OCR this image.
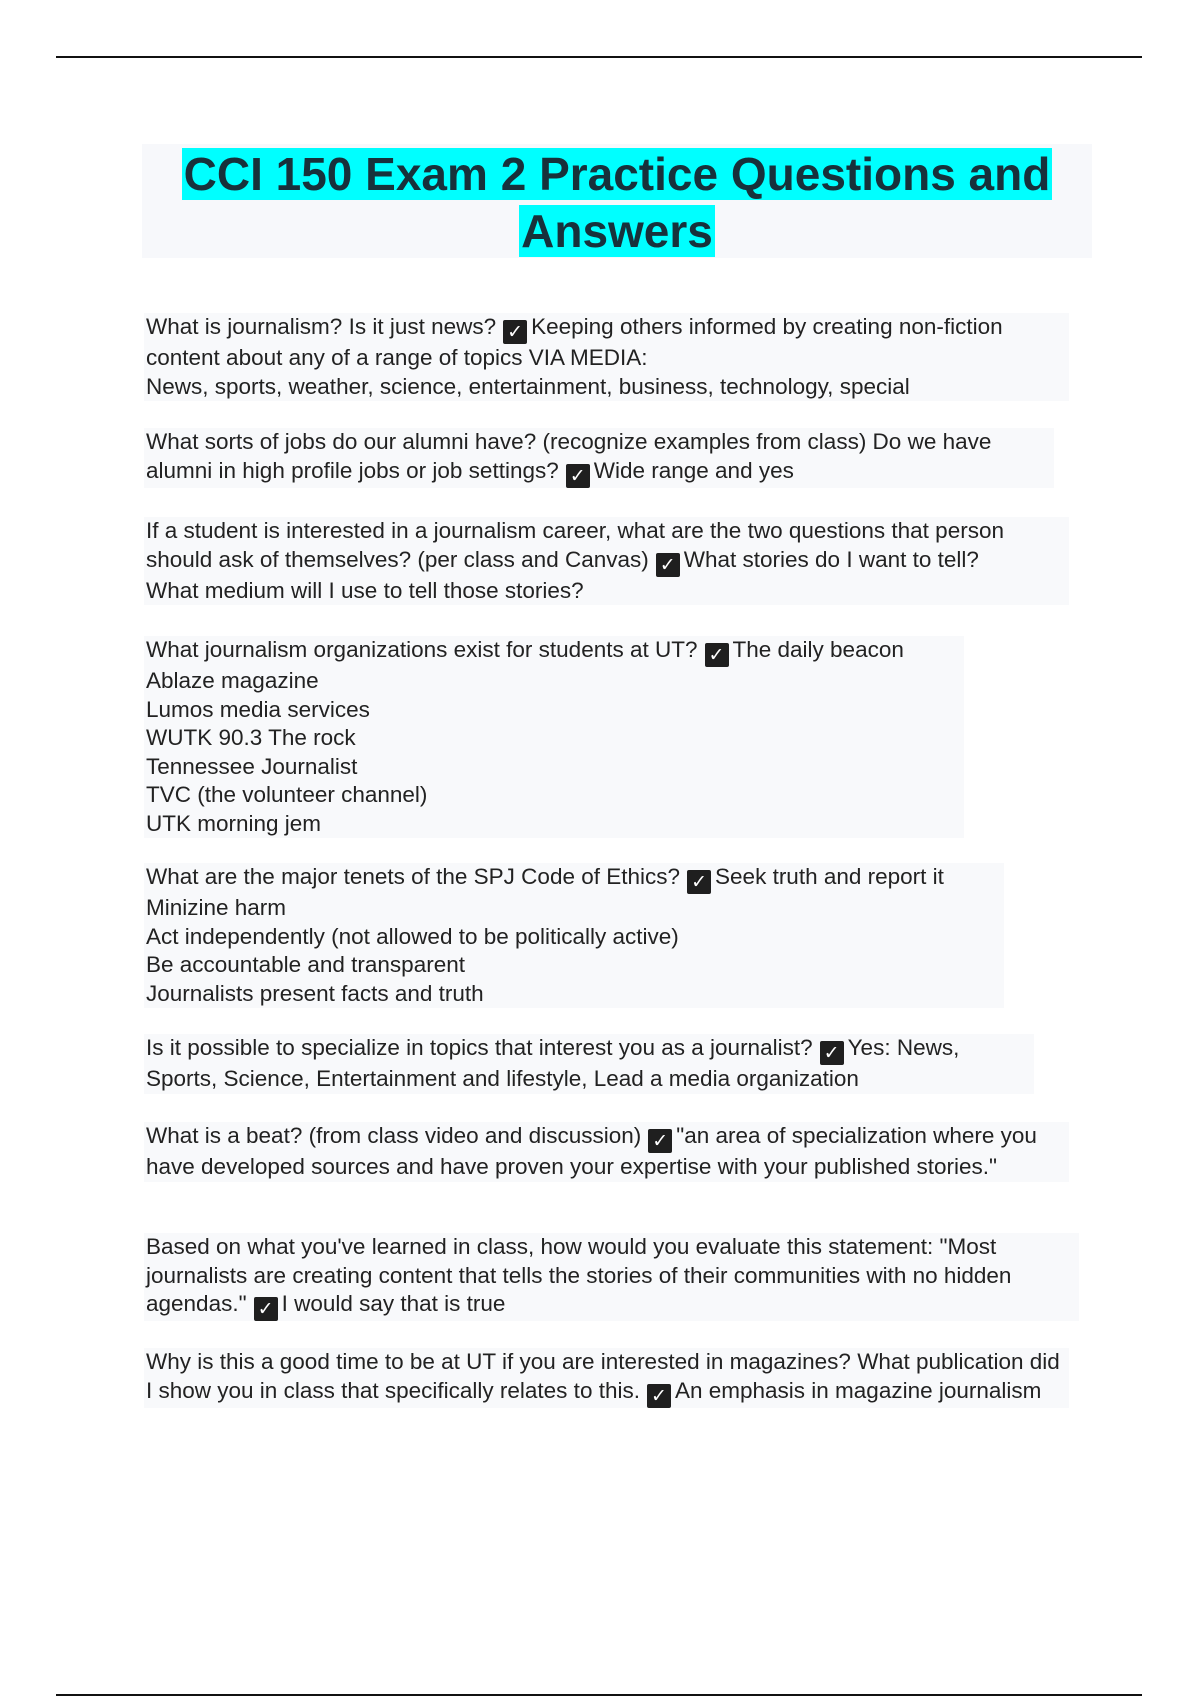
CCI 150 Exam 2 Practice Questions and Answers
What is journalism? Is it just news? ✓ Keeping others informed by creating non-fiction content about any of a range of topics VIA MEDIA:
News, sports, weather, science, entertainment, business, technology, special
What sorts of jobs do our alumni have? (recognize examples from class) Do we have alumni in high profile jobs or job settings? ✓ Wide range and yes
If a student is interested in a journalism career, what are the two questions that person should ask of themselves? (per class and Canvas) ✓ What stories do I want to tell?
What medium will I use to tell those stories?
What journalism organizations exist for students at UT? ✓ The daily beacon
Ablaze magazine
Lumos media services
WUTK 90.3 The rock
Tennessee Journalist
TVC (the volunteer channel)
UTK morning jem
What are the major tenets of the SPJ Code of Ethics? ✓ Seek truth and report it
Minizine harm
Act independently (not allowed to be politically active)
Be accountable and transparent
Journalists present facts and truth
Is it possible to specialize in topics that interest you as a journalist? ✓ Yes: News, Sports, Science, Entertainment and lifestyle, Lead a media organization
What is a beat? (from class video and discussion) ✓ "an area of specialization where you have developed sources and have proven your expertise with your published stories."
Based on what you've learned in class, how would you evaluate this statement: "Most journalists are creating content that tells the stories of their communities with no hidden agendas." ✓ I would say that is true
Why is this a good time to be at UT if you are interested in magazines? What publication did I show you in class that specifically relates to this. ✓ An emphasis in magazine journalism
